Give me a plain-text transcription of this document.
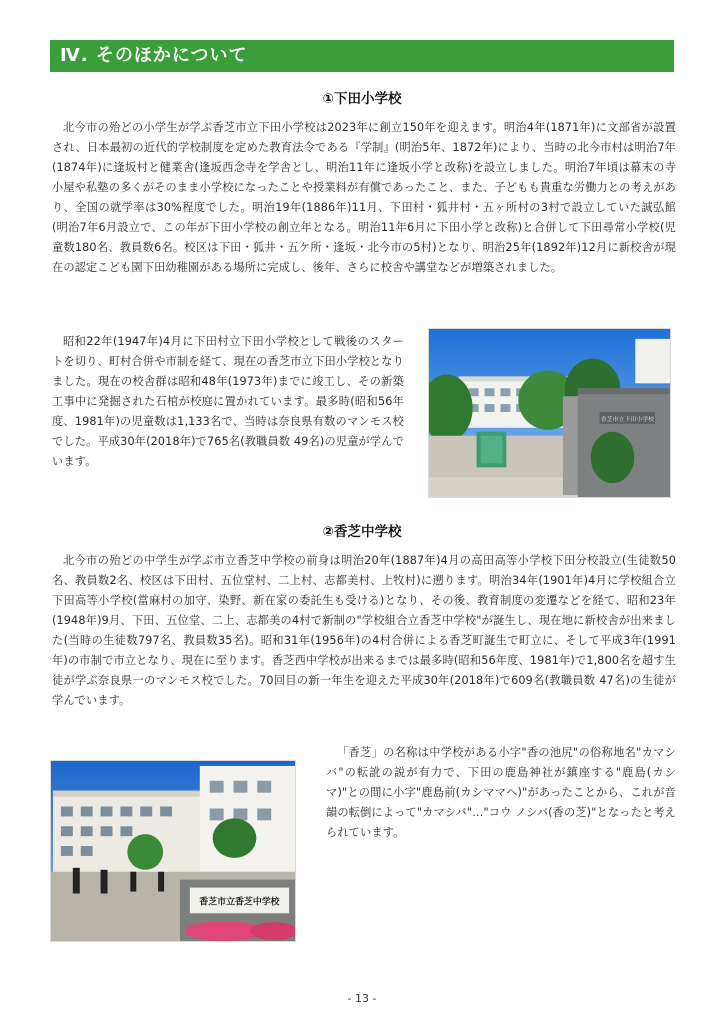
Ⅳ. そのほかについて
①下田小学校

北今市の殆どの小学生が学ぶ香芝市立下田小学校は2023年に創立150年を迎えます。明治4年(1871年)に文部省が設置され、日本最初の近代的学校制度を定めた教育法令である『学制』(明治5年、1872年)により、当時の北今市村は明治7年(1874年)に逢坂村と健業舎(逢坂西念寺を学舎とし、明治11年に逢坂小学と改称)を設立しました。明治7年頃は幕末の寺小屋や私塾の多くがそのまま小学校になったことや授業料が有償であったこと、また、子どもも貴重な労働力との考えがあり、全国の就学率は30%程度でした。明治19年(1886年)11月、下田村・狐井村・五ヶ所村の3村で設立していた誠弘館(明治7年6月設立で、この年が下田小学校の創立年となる。明治11年6月に下田小学と改称)と合併して下田尋常小学校(児童数180名、教員数6名。校区は下田・狐井・五ケ所・逢坂・北今市の5村)となり、明治25年(1892年)12月に新校舎が現在の認定こども園下田幼稚園がある場所に完成し、後年、さらに校舎や講堂などが増築されました。

昭和22年(1947年)4月に下田村立下田小学校として戦後のスタートを切り、町村合併や市制を経て、現在の香芝市立下田小学校となりました。現在の校舎群は昭和48年(1973年)までに竣工し、その新築工事中に発掘された石棺が校庭に置かれています。最多時(昭和56年度、1981年)の児童数は1,133名で、当時は奈良県有数のマンモス校でした。平成30年(2018年)で765名(教職員数 49名)の児童が学んでいます。

香芝市立下田小学校
②香芝中学校

北今市の殆どの中学生が学ぶ市立香芝中学校の前身は明治20年(1887年)4月の高田高等小学校下田分校設立(生徒数50名、教員数2名、校区は下田村、五位堂村、二上村、志都美村、上牧村)に遡ります。明治34年(1901年)4月に学校組合立下田高等小学校(當麻村の加守、染野、新在家の委託生も受ける)となり、その後、教育制度の変遷などを経て、昭和23年(1948年)9月、下田、五位堂、二上、志都美の4村で新制の"学校組合立香芝中学校"が誕生し、現在地に新校舎が出来ました(当時の生徒数797名、教員数35名)。昭和31年(1956年)の4村合併による香芝町誕生で町立に、そして平成3年(1991年)の市制で市立となり、現在に至ります。香芝西中学校が出来るまでは最多時(昭和56年度、1981年)で1,800名を超す生徒が学ぶ奈良県一のマンモス校でした。70回目の新一年生を迎えた平成30年(2018年)で609名(教職員数 47名)の生徒が学んでいます。

香芝市立香芝中学校

「香芝」の名称は中学校がある小字"香の池尻"の俗称地名"カマシバ"の転訛の説が有力で、下田の鹿島神社が鎮座する"鹿島(カシマ)"との間に小字"鹿島前(カシママヘ)"があったことから、これが音韻の転倒によって"カマシバ"…"コウ ノシバ(香の芝)"となったと考えられています。

- 13 -
